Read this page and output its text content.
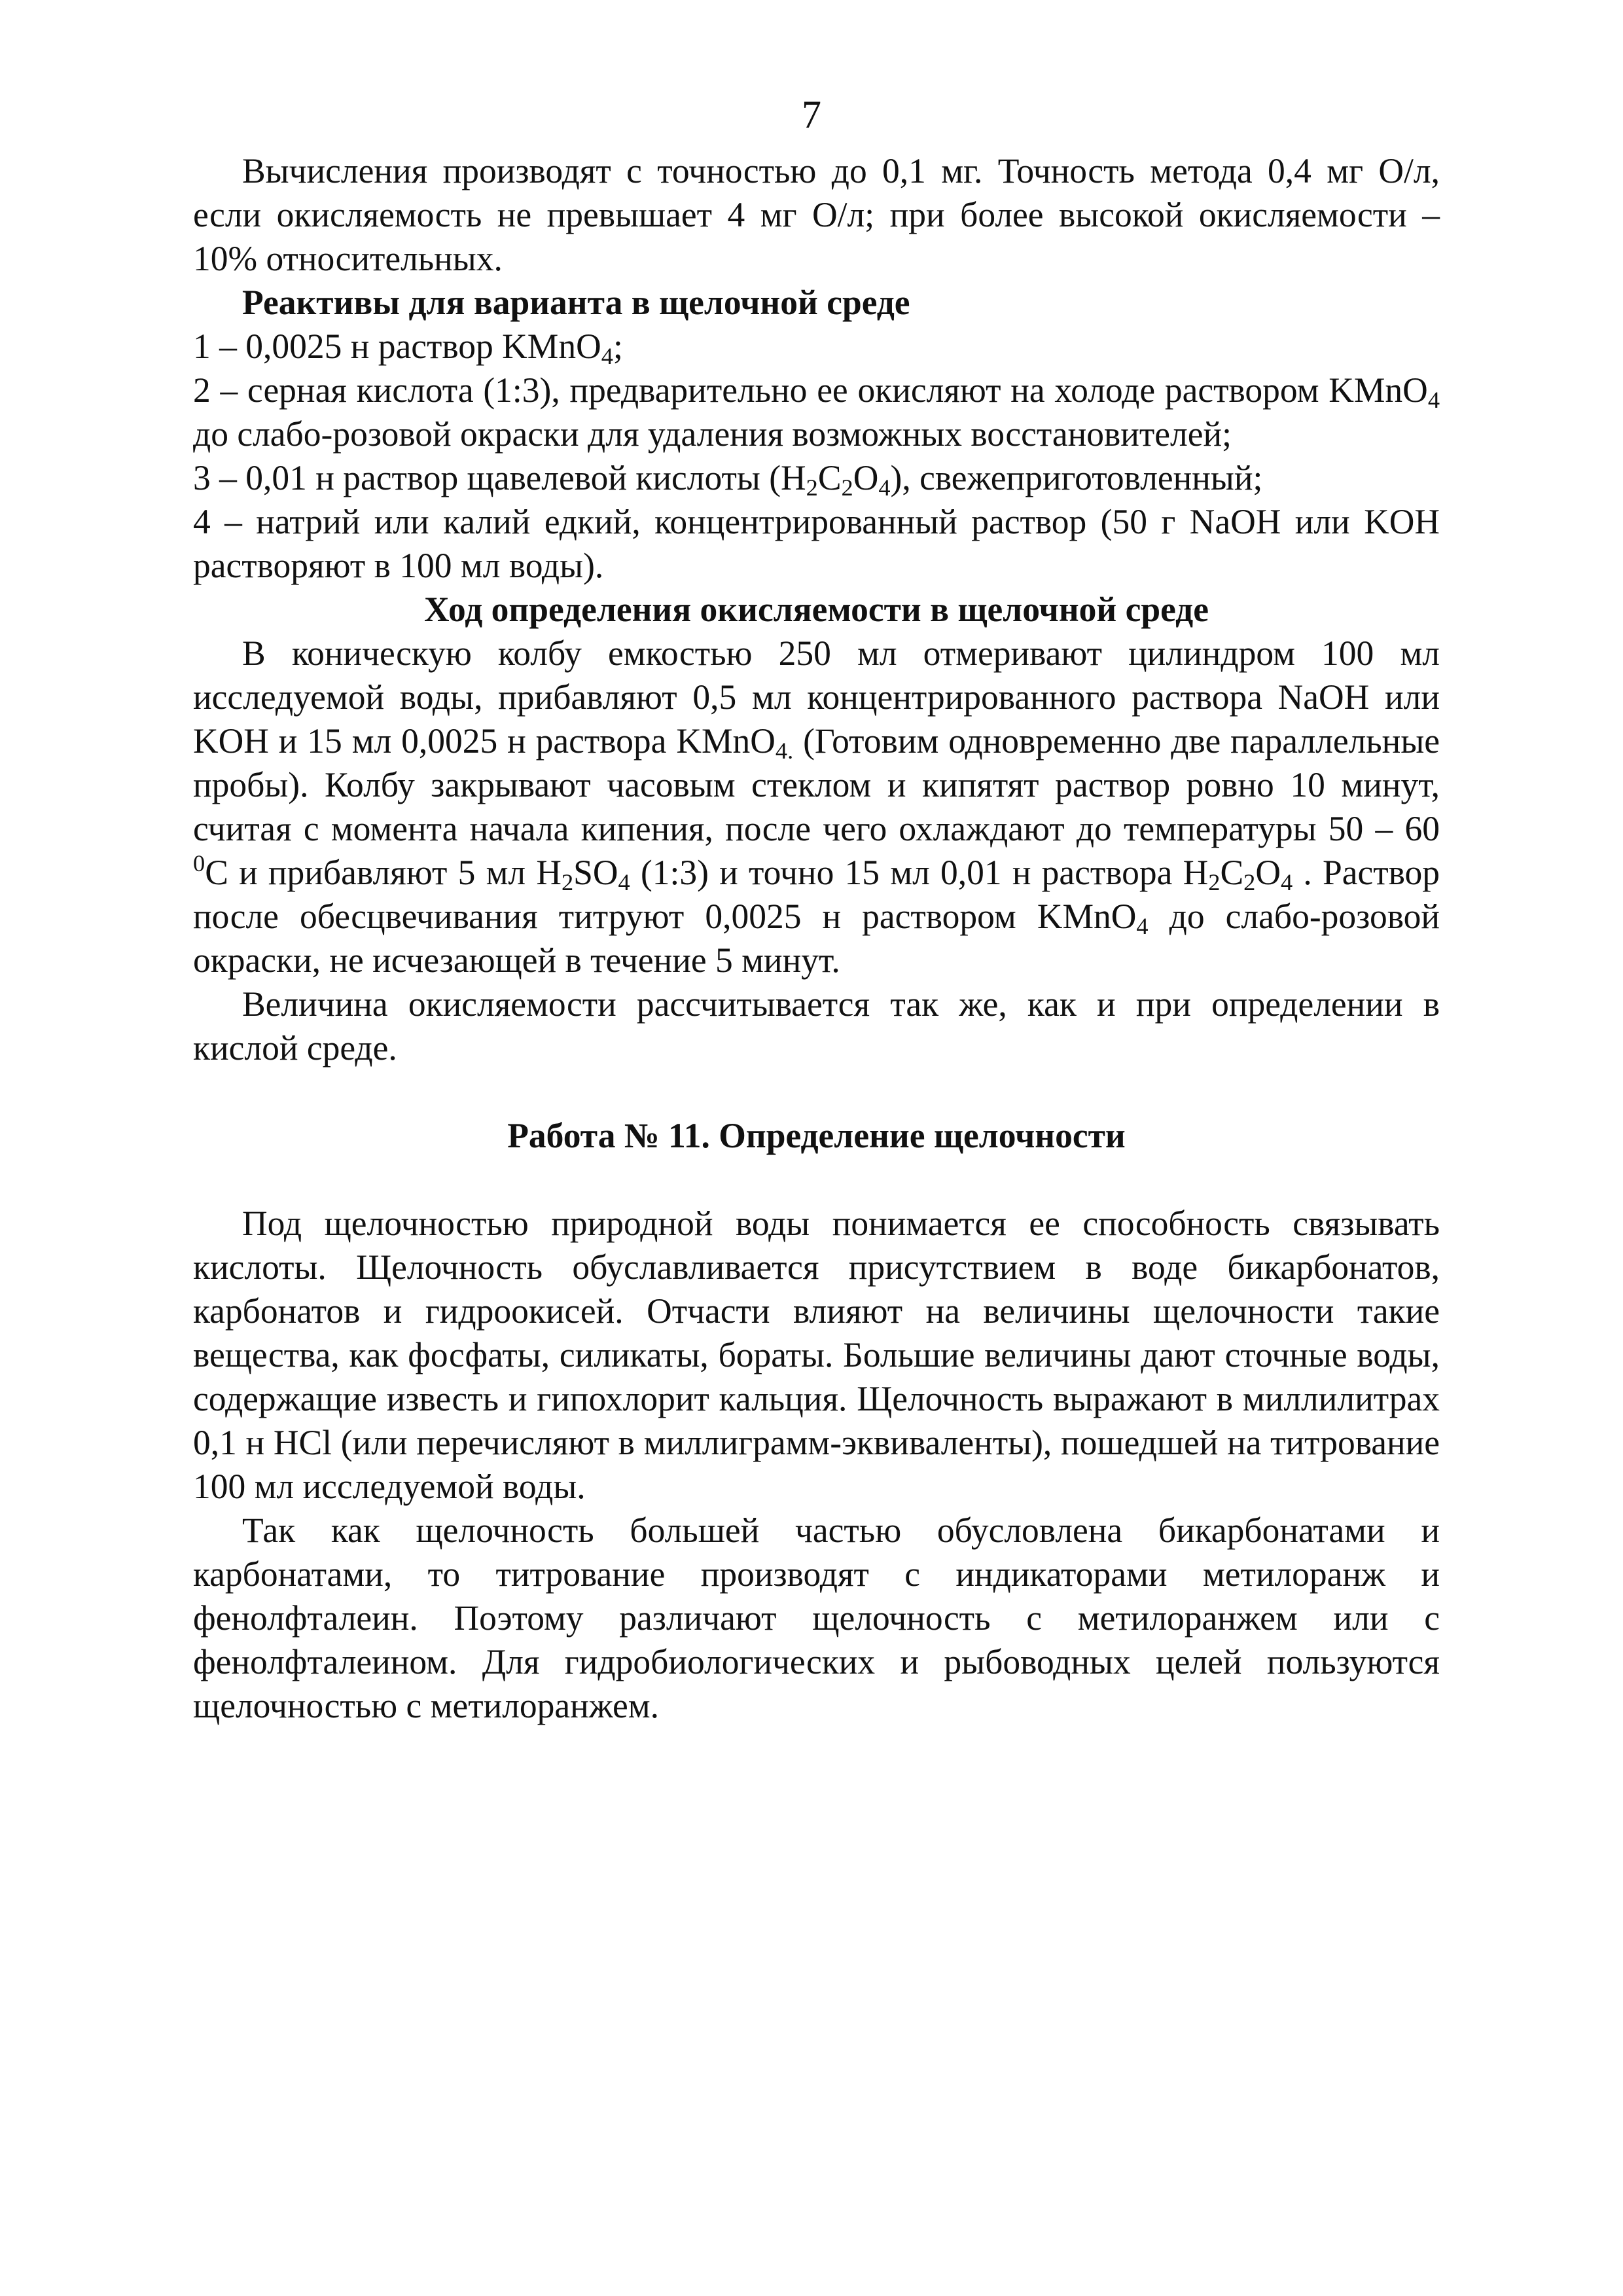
7

Вычисления производят с точностью до 0,1 мг. Точность метода 0,4 мг О/л, если окисляемость не превышает 4 мг О/л; при более высокой окисляемости – 10% относительных.

Реактивы для варианта в щелочной среде

1 – 0,0025 н раствор KMnO$_4$;

2 – серная кислота (1:3), предварительно ее окисляют на холоде раствором KMnO$_4$ до слабо-розовой окраски для удаления возможных восстановителей;

3 – 0,01 н раствор щавелевой кислоты $(H_2C_2O_4)$, свежеприготовленный;

4 – натрий или калий едкий, концентрированный раствор (50 г NaOH или KOH растворяют в 100 мл воды).

Ход определения окисляемости в щелочной среде

В коническую колбу емкостью 250 мл отмеривают цилиндром 100 мл исследуемой воды, прибавляют 0,5 мл концентрированного раствора NaOH или KOH и 15 мл 0,0025 н раствора KMnO$_{4.}$ (Готовим одновременно две параллельные пробы). Колбу закрывают часовым стеклом и кипятят раствор ровно 10 минут, считая с момента начала кипения, после чего охлаждают до температуры 50 – 60 $^0$С и прибавляют 5 мл $H_2SO_4$ (1:3) и точно 15 мл 0,01 н раствора $H_2C_2O_4$ . Раствор после обесцвечивания титруют 0,0025 н раствором KMnO$_4$ до слабо-розовой окраски, не исчезающей в течение 5 минут.

Величина окисляемости рассчитывается так же, как и при определении в кислой среде.

Работа № 11. Определение щелочности

Под щелочностью природной воды понимается ее способность связывать кислоты. Щелочность обуславливается присутствием в воде бикарбонатов, карбонатов и гидроокисей. Отчасти влияют на величины щелочности такие вещества, как фосфаты, силикаты, бораты. Большие величины дают сточные воды, содержащие известь и гипохлорит кальция. Щелочность выражают в миллилитрах 0,1 н HCl (или перечисляют в миллиграмм-эквиваленты), пошедшей на титрование 100 мл исследуемой воды.

Так как щелочность большей частью обусловлена бикарбонатами и карбонатами, то титрование производят с индикаторами метилоранж и фенолфталеин. Поэтому различают щелочность с метилоранжем или с фенолфталеином. Для гидробиологических и рыбоводных целей пользуются щелочностью с метилоранжем.
